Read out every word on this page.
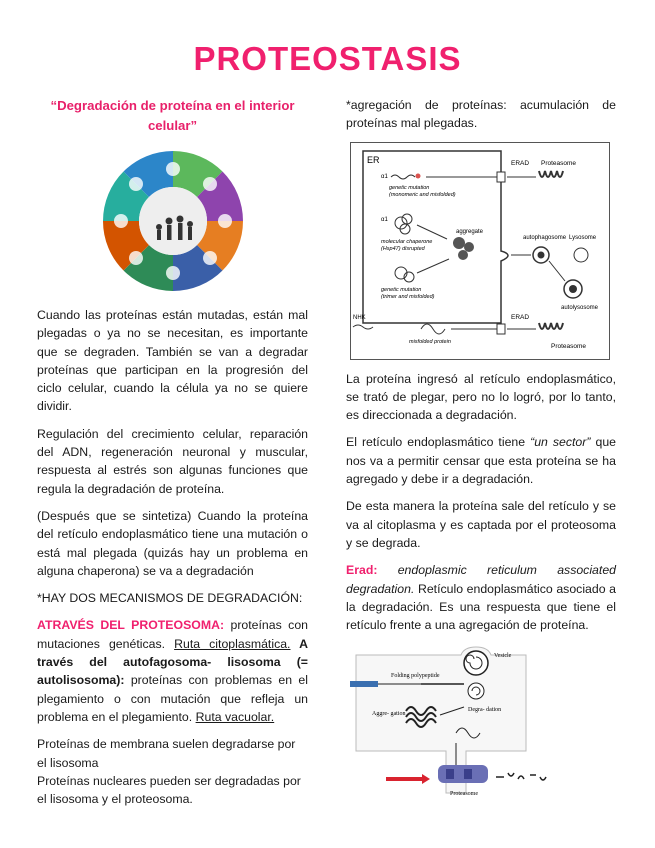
PROTEOSTASIS
“Degradación de proteína en el interior celular”

Cuando las proteínas están mutadas, están mal plegadas o ya no se necesitan, es importante que se degraden. También se van a degradar proteínas que participan en la progresión del ciclo celular, cuando la célula ya no se quiere dividir.

Regulación del crecimiento celular, reparación del ADN, regeneración neuronal y muscular, respuesta al estrés son algunas funciones que regula la degradación de proteína.

(Después que se sintetiza) Cuando la proteína del retículo endoplasmático tiene una mutación o está mal plegada (quizás hay un problema en alguna chaperona) se va a degradación

*HAY DOS MECANISMOS DE DEGRADACIÓN:

ATRAVÉS DEL PROTEOSOMA: proteínas con mutaciones genéticas. Ruta citoplasmática. A través del autofagosoma- lisosoma (= autolisosoma): proteínas con problemas en el plegamiento o con mutación que refleja un problema en el plegamiento. Ruta vacuolar.

Proteínas de membrana suelen degradarse por el lisosoma

Proteínas nucleares pueden ser degradadas por el lisosoma y el proteosoma.

*agregación de proteínas: acumulación de proteínas mal plegadas.

ER
α1
genetic mutation
(monomeric and misfolded)
ERAD Proteasome
α1
molecular chaperone
(Hsp47) disrupted
aggregate
genetic mutation
(trimer and misfolded)
autophagosome Lysosome
autolysosome
NHK
misfolded protein
ERAD
Proteasome

La proteína ingresó al retículo endoplasmático, se trató de plegar, pero no lo logró, por lo tanto, es direccionada a degradación.

El retículo endoplasmático tiene “un sector” que nos va a permitir censar que esta proteína se ha agregado y debe ir a degradación.

De esta manera la proteína sale del retículo y se va al citoplasma y es captada por el proteosoma y se degrada.

Erad: endoplasmic reticulum associated degradation. Retículo endoplasmático asociado a la degradación. Es una respuesta que tiene el retículo frente a una agregación de proteína.

Vesicle
Folding polypeptide
Aggre- gation
Degra- dation
Proteasome
